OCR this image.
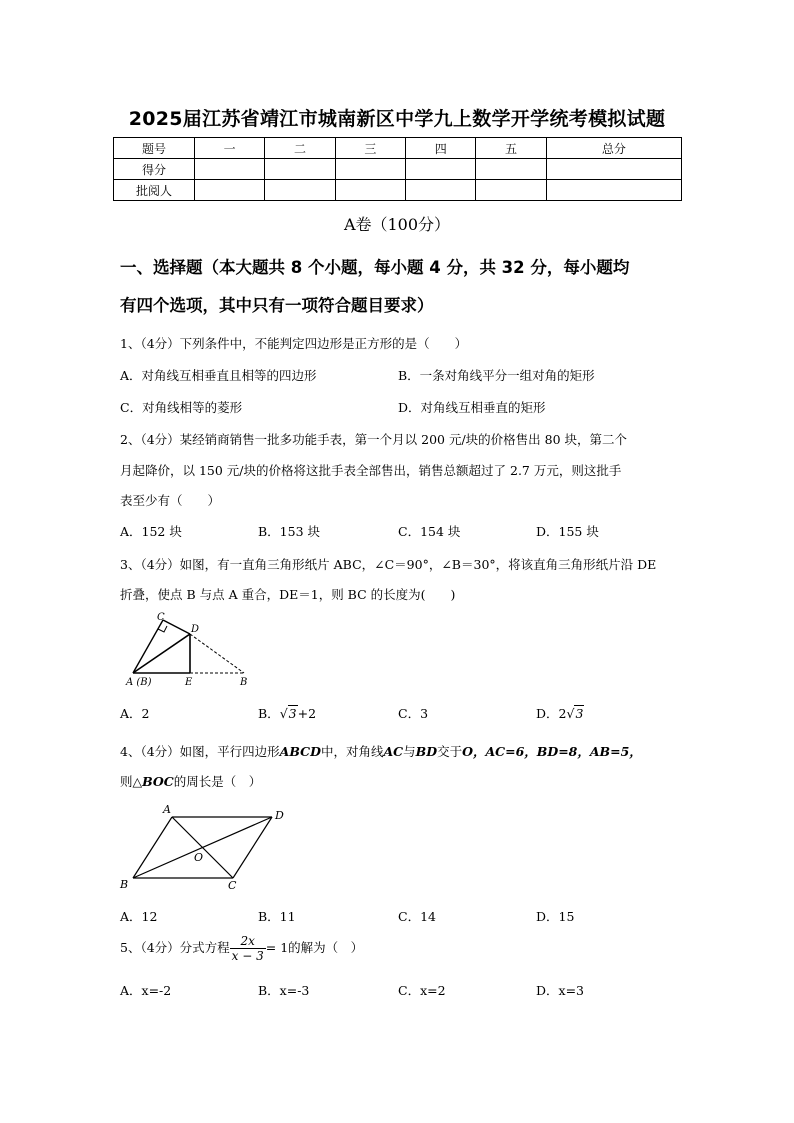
2025届江苏省靖江市城南新区中学九上数学开学统考模拟试题
题号	一	二	三	四	五	总分
得分						
批阅人						
A卷（100分）
一、选择题（本大题共 8 个小题，每小题 4 分，共 32 分，每小题均
有四个选项，其中只有一项符合题目要求）
1、（4分）下列条件中，不能判定四边形是正方形的是（　　）
A．对角线互相垂直且相等的四边形	B．一条对角线平分一组对角的矩形
C．对角线相等的菱形	D．对角线互相垂直的矩形
2、（4分）某经销商销售一批多功能手表，第一个月以 200 元/块的价格售出 80 块，第二个
月起降价，以 150 元/块的价格将这批手表全部售出，销售总额超过了 2.7 万元，则这批手
表至少有（　　）
A．152 块	B．153 块	C．154 块	D．155 块
3、（4分）如图，有一直角三角形纸片 ABC，∠C＝90°，∠B＝30°，将该直角三角形纸片沿 DE
折叠，使点 B 与点 A 重合，DE＝1，则 BC 的长度为(　　)
C
D
A (B)	E	B
A．2	B．√3+2	C．3	D．2√3
4、（4分）如图，平行四边形ABCD中，对角线AC与BD交于O，AC=6，BD=8，AB=5，
则△BOC的周长是（　）
A	D
O
B	C
A．12	B．11	C．14	D．15
5、（4分）分式方程 $\frac{2x}{x - 3} = 1$的解为（　）
A．x=-2	B．x=-3	C．x=2	D．x=3
